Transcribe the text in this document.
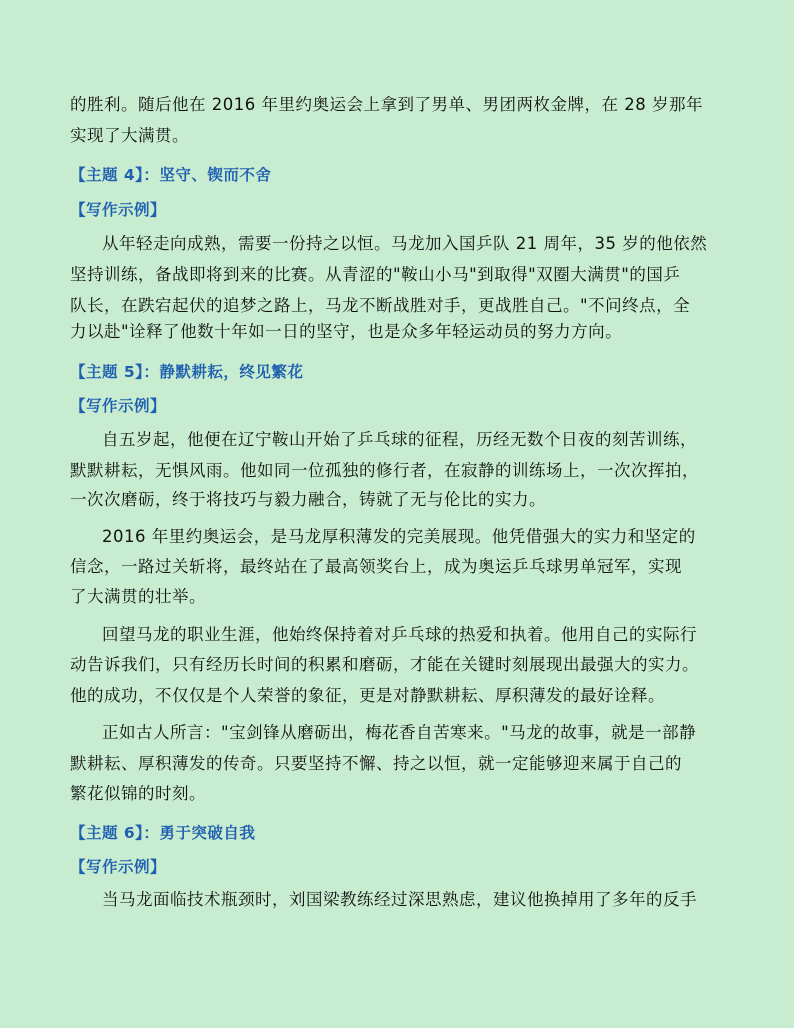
的胜利。随后他在 2016 年里约奥运会上拿到了男单、男团两枚金牌，在 28 岁那年
实现了大满贯。
【主题 4】：坚守、锲而不舍
【写作示例】
从年轻走向成熟，需要一份持之以恒。马龙加入国乒队 21 周年，35 岁的他依然
坚持训练，备战即将到来的比赛。从青涩的"鞍山小马"到取得"双圈大满贯"的国乒
队长，在跌宕起伏的追梦之路上，马龙不断战胜对手，更战胜自己。"不问终点，全
力以赴"诠释了他数十年如一日的坚守，也是众多年轻运动员的努力方向。
【主题 5】：静默耕耘，终见繁花
【写作示例】
自五岁起，他便在辽宁鞍山开始了乒乓球的征程，历经无数个日夜的刻苦训练，
默默耕耘，无惧风雨。他如同一位孤独的修行者，在寂静的训练场上，一次次挥拍，
一次次磨砺，终于将技巧与毅力融合，铸就了无与伦比的实力。
2016 年里约奥运会，是马龙厚积薄发的完美展现。他凭借强大的实力和坚定的
信念，一路过关斩将，最终站在了最高领奖台上，成为奥运乒乓球男单冠军，实现
了大满贯的壮举。
回望马龙的职业生涯，他始终保持着对乒乓球的热爱和执着。他用自己的实际行
动告诉我们，只有经历长时间的积累和磨砺，才能在关键时刻展现出最强大的实力。
他的成功，不仅仅是个人荣誉的象征，更是对静默耕耘、厚积薄发的最好诠释。
正如古人所言："宝剑锋从磨砺出，梅花香自苦寒来。"马龙的故事，就是一部静
默耕耘、厚积薄发的传奇。只要坚持不懈、持之以恒，就一定能够迎来属于自己的
繁花似锦的时刻。
【主题 6】：勇于突破自我
【写作示例】
当马龙面临技术瓶颈时，刘国梁教练经过深思熟虑，建议他换掉用了多年的反手
